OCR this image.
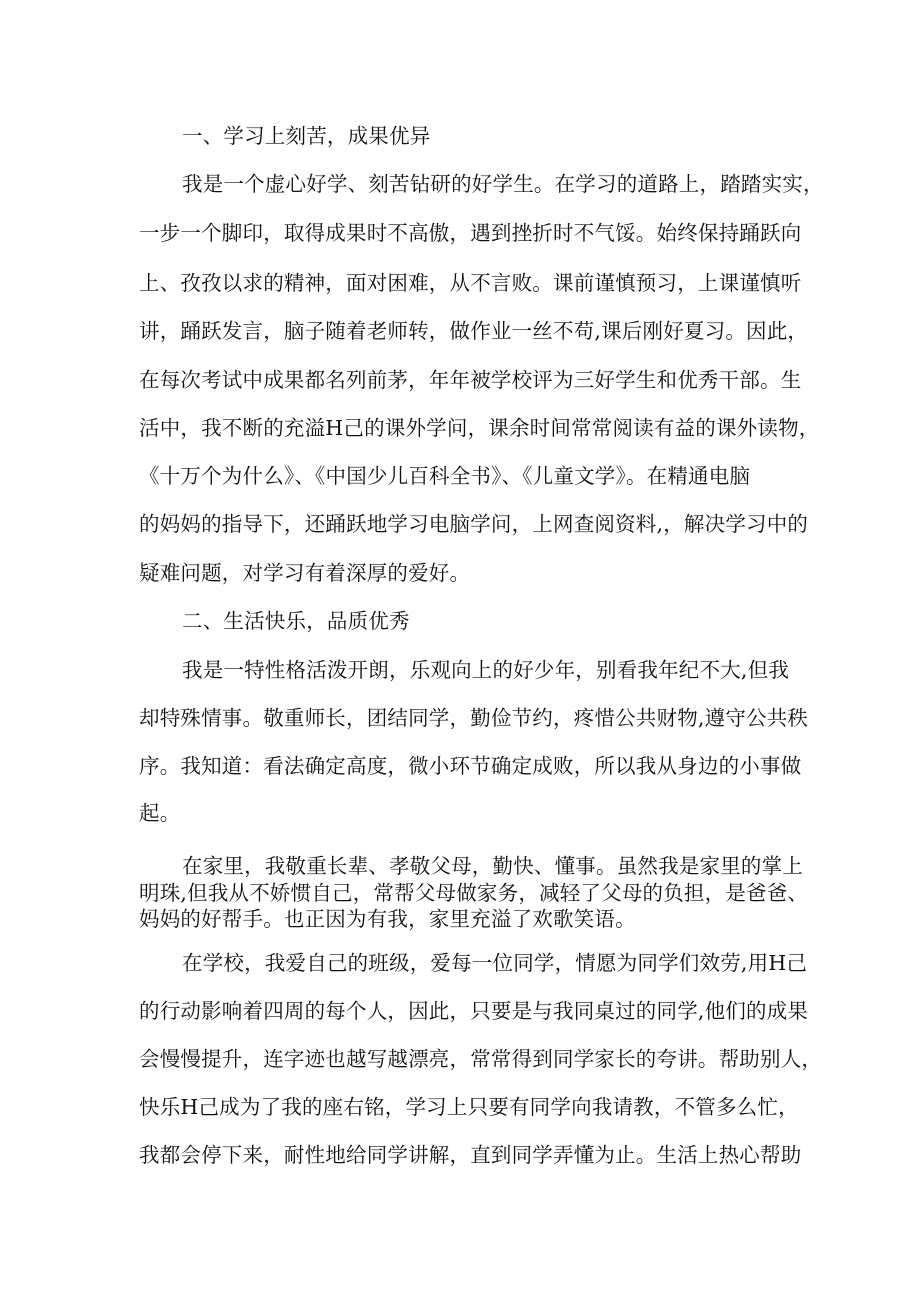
一、学习上刻苦，成果优异
我是一个虚心好学、刻苦钻研的好学生。在学习的道路上，踏踏实实，
一步一个脚印，取得成果时不高傲，遇到挫折时不气馁。始终保持踊跃向
上、孜孜以求的精神，面对困难，从不言败。课前谨慎预习，上课谨慎听
讲，踊跃发言，脑子随着老师转，做作业一丝不苟,课后刚好夏习。因此，
在每次考试中成果都名列前茅，年年被学校评为三好学生和优秀干部。生
活中，我不断的充溢H己的课外学问，课余时间常常阅读有益的课外读物，
《十万个为什么》、《中国少儿百科全书》、《儿童文学》。在精通电脑
的妈妈的指导下，还踊跃地学习电脑学问，上网查阅资料,，解决学习中的
疑难问题，对学习有着深厚的爱好。
二、生活快乐，品质优秀
我是一特性格活泼开朗，乐观向上的好少年，别看我年纪不大,但我
却特殊情事。敬重师长，团结同学，勤俭节约，疼惜公共财物,遵守公共秩
序。我知道：看法确定高度，微小环节确定成败，所以我从身边的小事做
起。
在家里，我敬重长辈、孝敬父母，勤快、懂事。虽然我是家里的掌上
明珠,但我从不娇惯自己，常帮父母做家务，减轻了父母的负担，是爸爸、
妈妈的好帮手。也正因为有我，家里充溢了欢歌笑语。
在学校，我爱自己的班级，爱每一位同学，情愿为同学们效劳,用H己
的行动影响着四周的每个人，因此，只要是与我同桌过的同学,他们的成果
会慢慢提升，连字迹也越写越漂亮，常常得到同学家长的夸讲。帮助别人，
快乐H己成为了我的座右铭，学习上只要有同学向我请教，不管多么忙，
我都会停下来，耐性地给同学讲解，直到同学弄懂为止。生活上热心帮助
